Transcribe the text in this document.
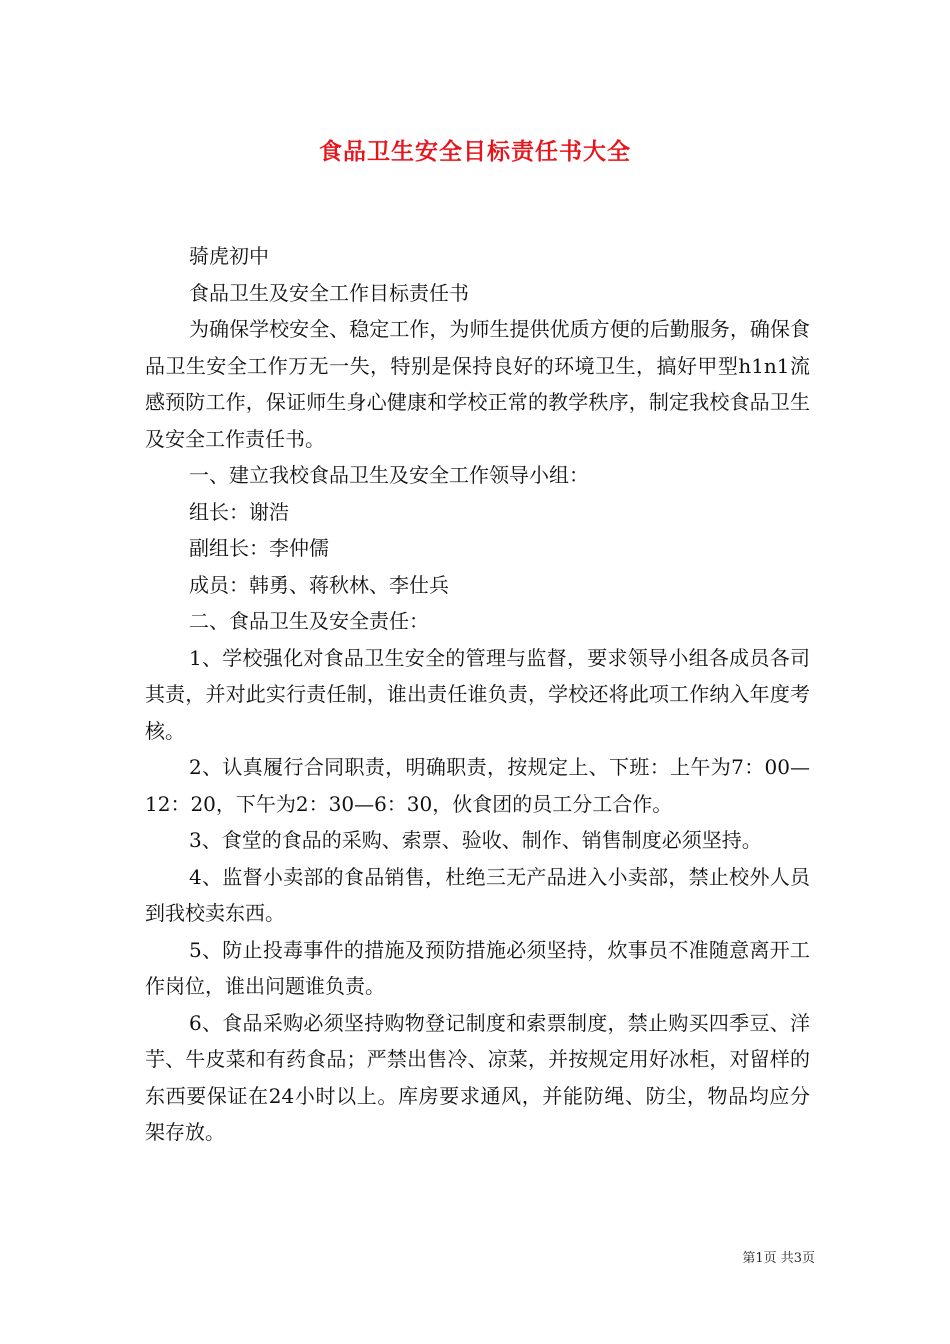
食品卫生安全目标责任书大全

骑虎初中

食品卫生及安全工作目标责任书

为确保学校安全、稳定工作，为师生提供优质方便的后勤服务，确保食品卫生安全工作万无一失，特别是保持良好的环境卫生，搞好甲型h1n1流感预防工作，保证师生身心健康和学校正常的教学秩序，制定我校食品卫生及安全工作责任书。

一、建立我校食品卫生及安全工作领导小组：

组长：谢浩

副组长：李仲儒

成员：韩勇、蒋秋林、李仕兵

二、食品卫生及安全责任：

1、学校强化对食品卫生安全的管理与监督，要求领导小组各成员各司其责，并对此实行责任制，谁出责任谁负责，学校还将此项工作纳入年度考核。

2、认真履行合同职责，明确职责，按规定上、下班：上午为7：00—12：20，下午为2：30—6：30，伙食团的员工分工合作。

3、食堂的食品的采购、索票、验收、制作、销售制度必须坚持。

4、监督小卖部的食品销售，杜绝三无产品进入小卖部，禁止校外人员到我校卖东西。

5、防止投毒事件的措施及预防措施必须坚持，炊事员不准随意离开工作岗位，谁出问题谁负责。

6、食品采购必须坚持购物登记制度和索票制度，禁止购买四季豆、洋芋、牛皮菜和有药食品；严禁出售冷、凉菜，并按规定用好冰柜，对留样的东西要保证在24小时以上。库房要求通风，并能防绳、防尘，物品均应分架存放。

第1页 共3页
